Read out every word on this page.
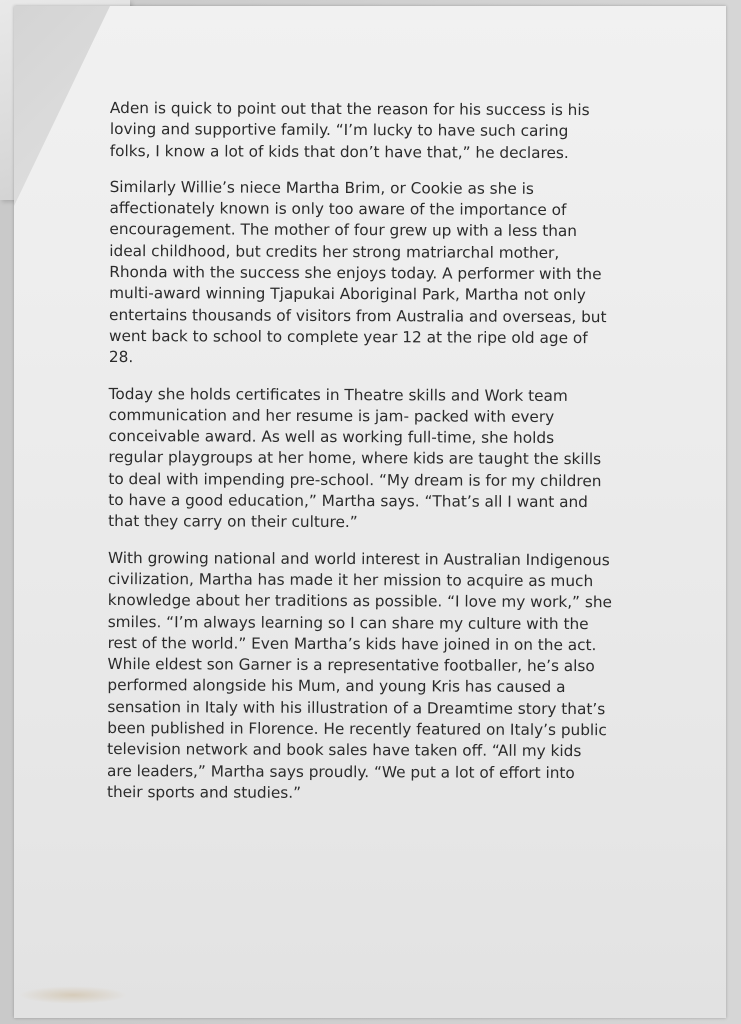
Aden is quick to point out that the reason for his success is his
loving and supportive family. “I’m lucky to have such caring
folks, I know a lot of kids that don’t have that,” he declares.

Similarly Willie’s niece Martha Brim, or Cookie as she is
affectionately known is only too aware of the importance of
encouragement. The mother of four grew up with a less than
ideal childhood, but credits her strong matriarchal mother,
Rhonda with the success she enjoys today. A performer with the
multi-award winning Tjapukai Aboriginal Park, Martha not only
entertains thousands of visitors from Australia and overseas, but
went back to school to complete year 12 at the ripe old age of
28.

Today she holds certificates in Theatre skills and Work team
communication and her resume is jam- packed with every
conceivable award. As well as working full-time, she holds
regular playgroups at her home, where kids are taught the skills
to deal with impending pre-school. “My dream is for my children
to have a good education,” Martha says. “That’s all I want and
that they carry on their culture.”

With growing national and world interest in Australian Indigenous
civilization, Martha has made it her mission to acquire as much
knowledge about her traditions as possible. “I love my work,” she
smiles. “I’m always learning so I can share my culture with the
rest of the world.” Even Martha’s kids have joined in on the act.
While eldest son Garner is a representative footballer, he’s also
performed alongside his Mum, and young Kris has caused a
sensation in Italy with his illustration of a Dreamtime story that’s
been published in Florence. He recently featured on Italy’s public
television network and book sales have taken off. “All my kids
are leaders,” Martha says proudly. “We put a lot of effort into
their sports and studies.”
